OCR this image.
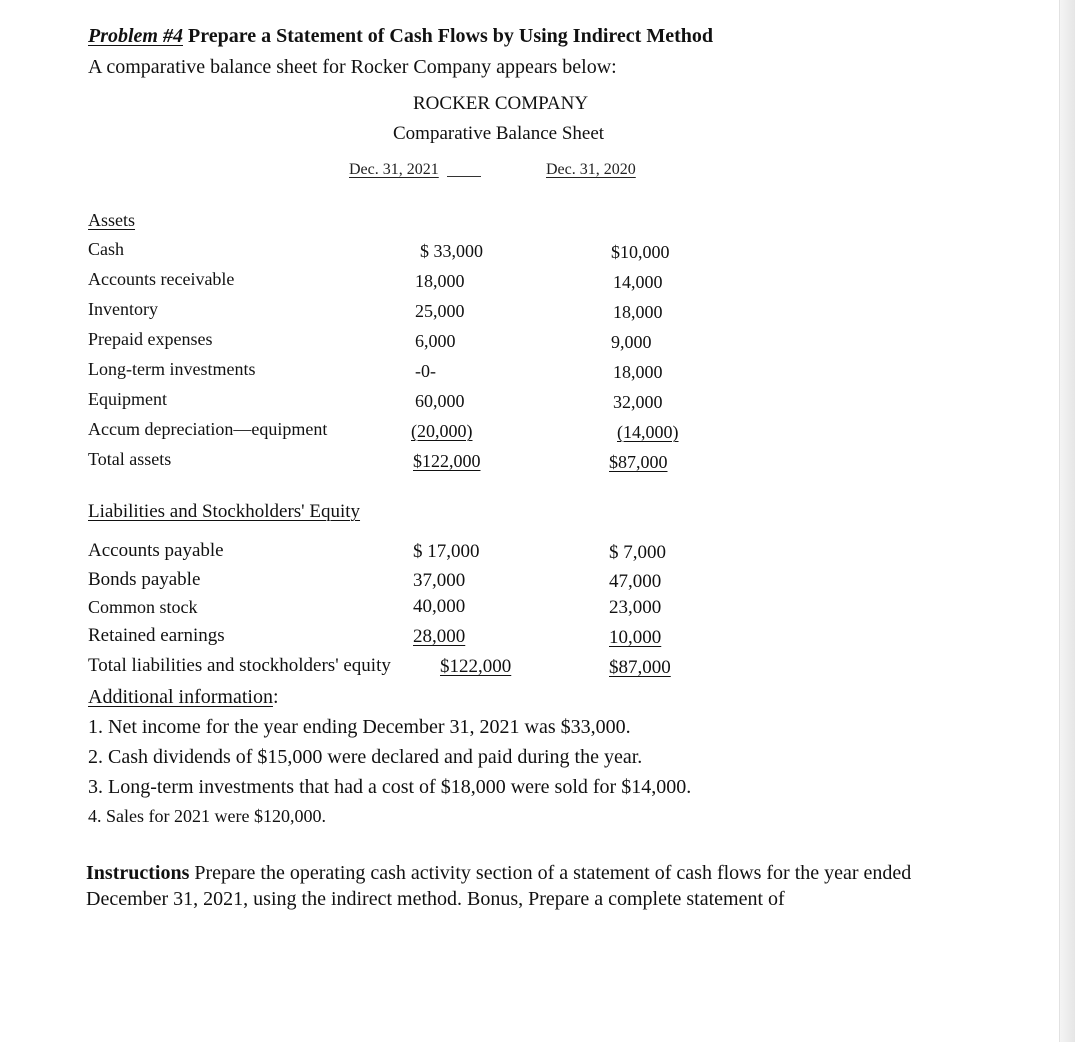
Problem #4 Prepare a Statement of Cash Flows by Using Indirect Method
A comparative balance sheet for Rocker Company appears below:
ROCKER COMPANY
Comparative Balance Sheet
Dec. 31, 2021	Dec. 31, 2020
Assets
Cash	$ 33,000	$10,000
Accounts receivable	18,000	14,000
Inventory	25,000	18,000
Prepaid expenses	6,000	9,000
Long-term investments	-0-	18,000
Equipment	60,000	32,000
Accum depreciation—equipment	(20,000)	(14,000)
Total assets	$122,000	$87,000
Liabilities and Stockholders' Equity
Accounts payable	$ 17,000	$ 7,000
Bonds payable	37,000	47,000
Common stock	40,000	23,000
Retained earnings	28,000	10,000
Total liabilities and stockholders' equity	$122,000	$87,000
Additional information:
1. Net income for the year ending December 31, 2021 was $33,000.
2. Cash dividends of $15,000 were declared and paid during the year.
3. Long-term investments that had a cost of $18,000 were sold for $14,000.
4. Sales for 2021 were $120,000.
Instructions Prepare the operating cash activity section of a statement of cash flows for the year ended December 31, 2021, using the indirect method. Bonus, Prepare a complete statement of
